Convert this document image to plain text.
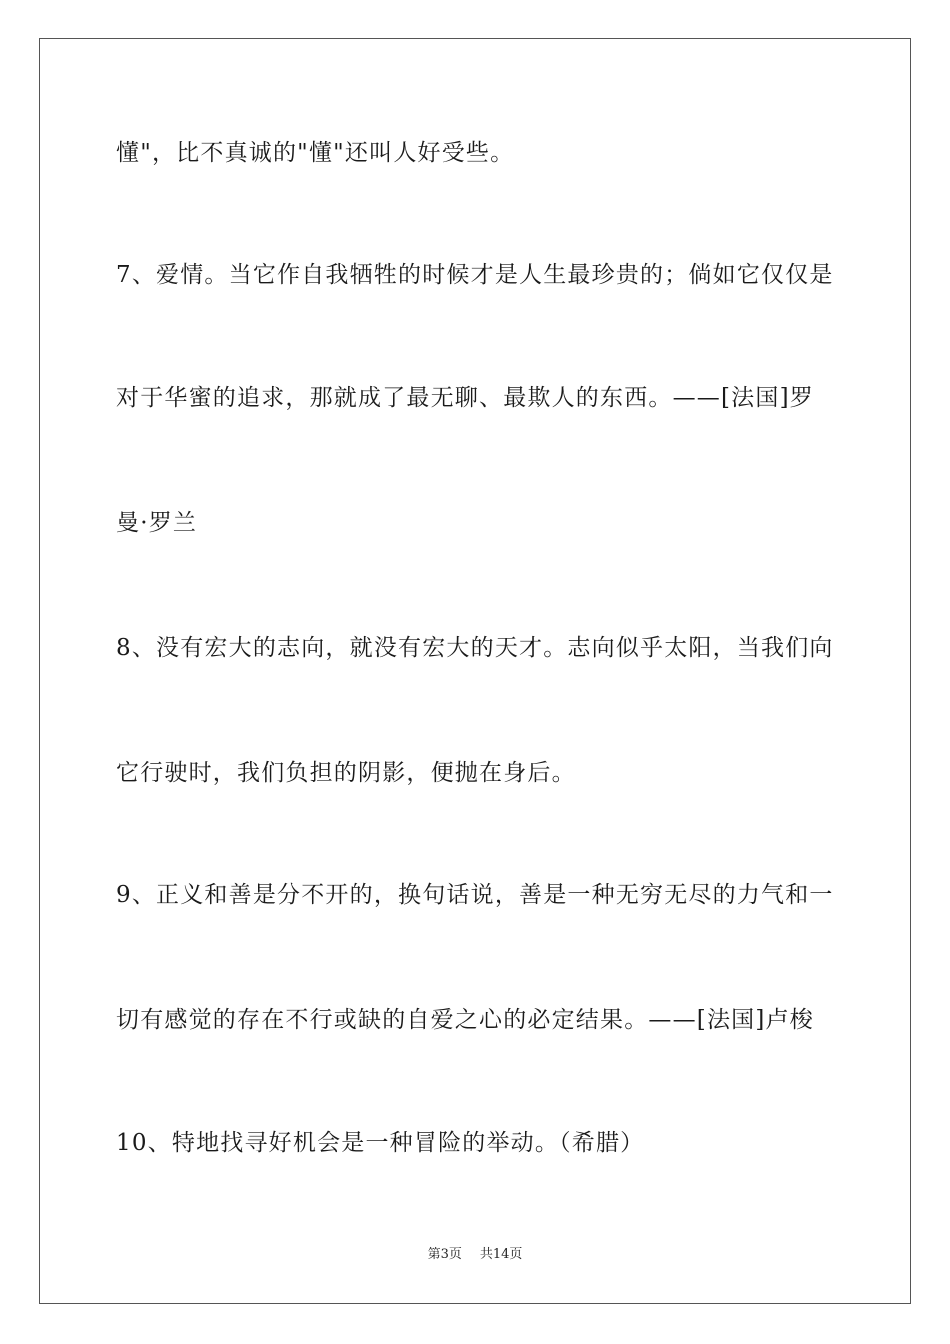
懂"，比不真诚的"懂"还叫人好受些。
7、爱情。当它作自我牺牲的时候才是人生最珍贵的；倘如它仅仅是
对于华蜜的追求，那就成了最无聊、最欺人的东西。——[法国]罗
曼·罗兰
8、没有宏大的志向，就没有宏大的天才。志向似乎太阳，当我们向
它行驶时，我们负担的阴影，便抛在身后。
9、正义和善是分不开的，换句话说，善是一种无穷无尽的力气和一
切有感觉的存在不行或缺的自爱之心的必定结果。——[法国]卢梭
10、特地找寻好机会是一种冒险的举动。（希腊）
第3页 共14页
